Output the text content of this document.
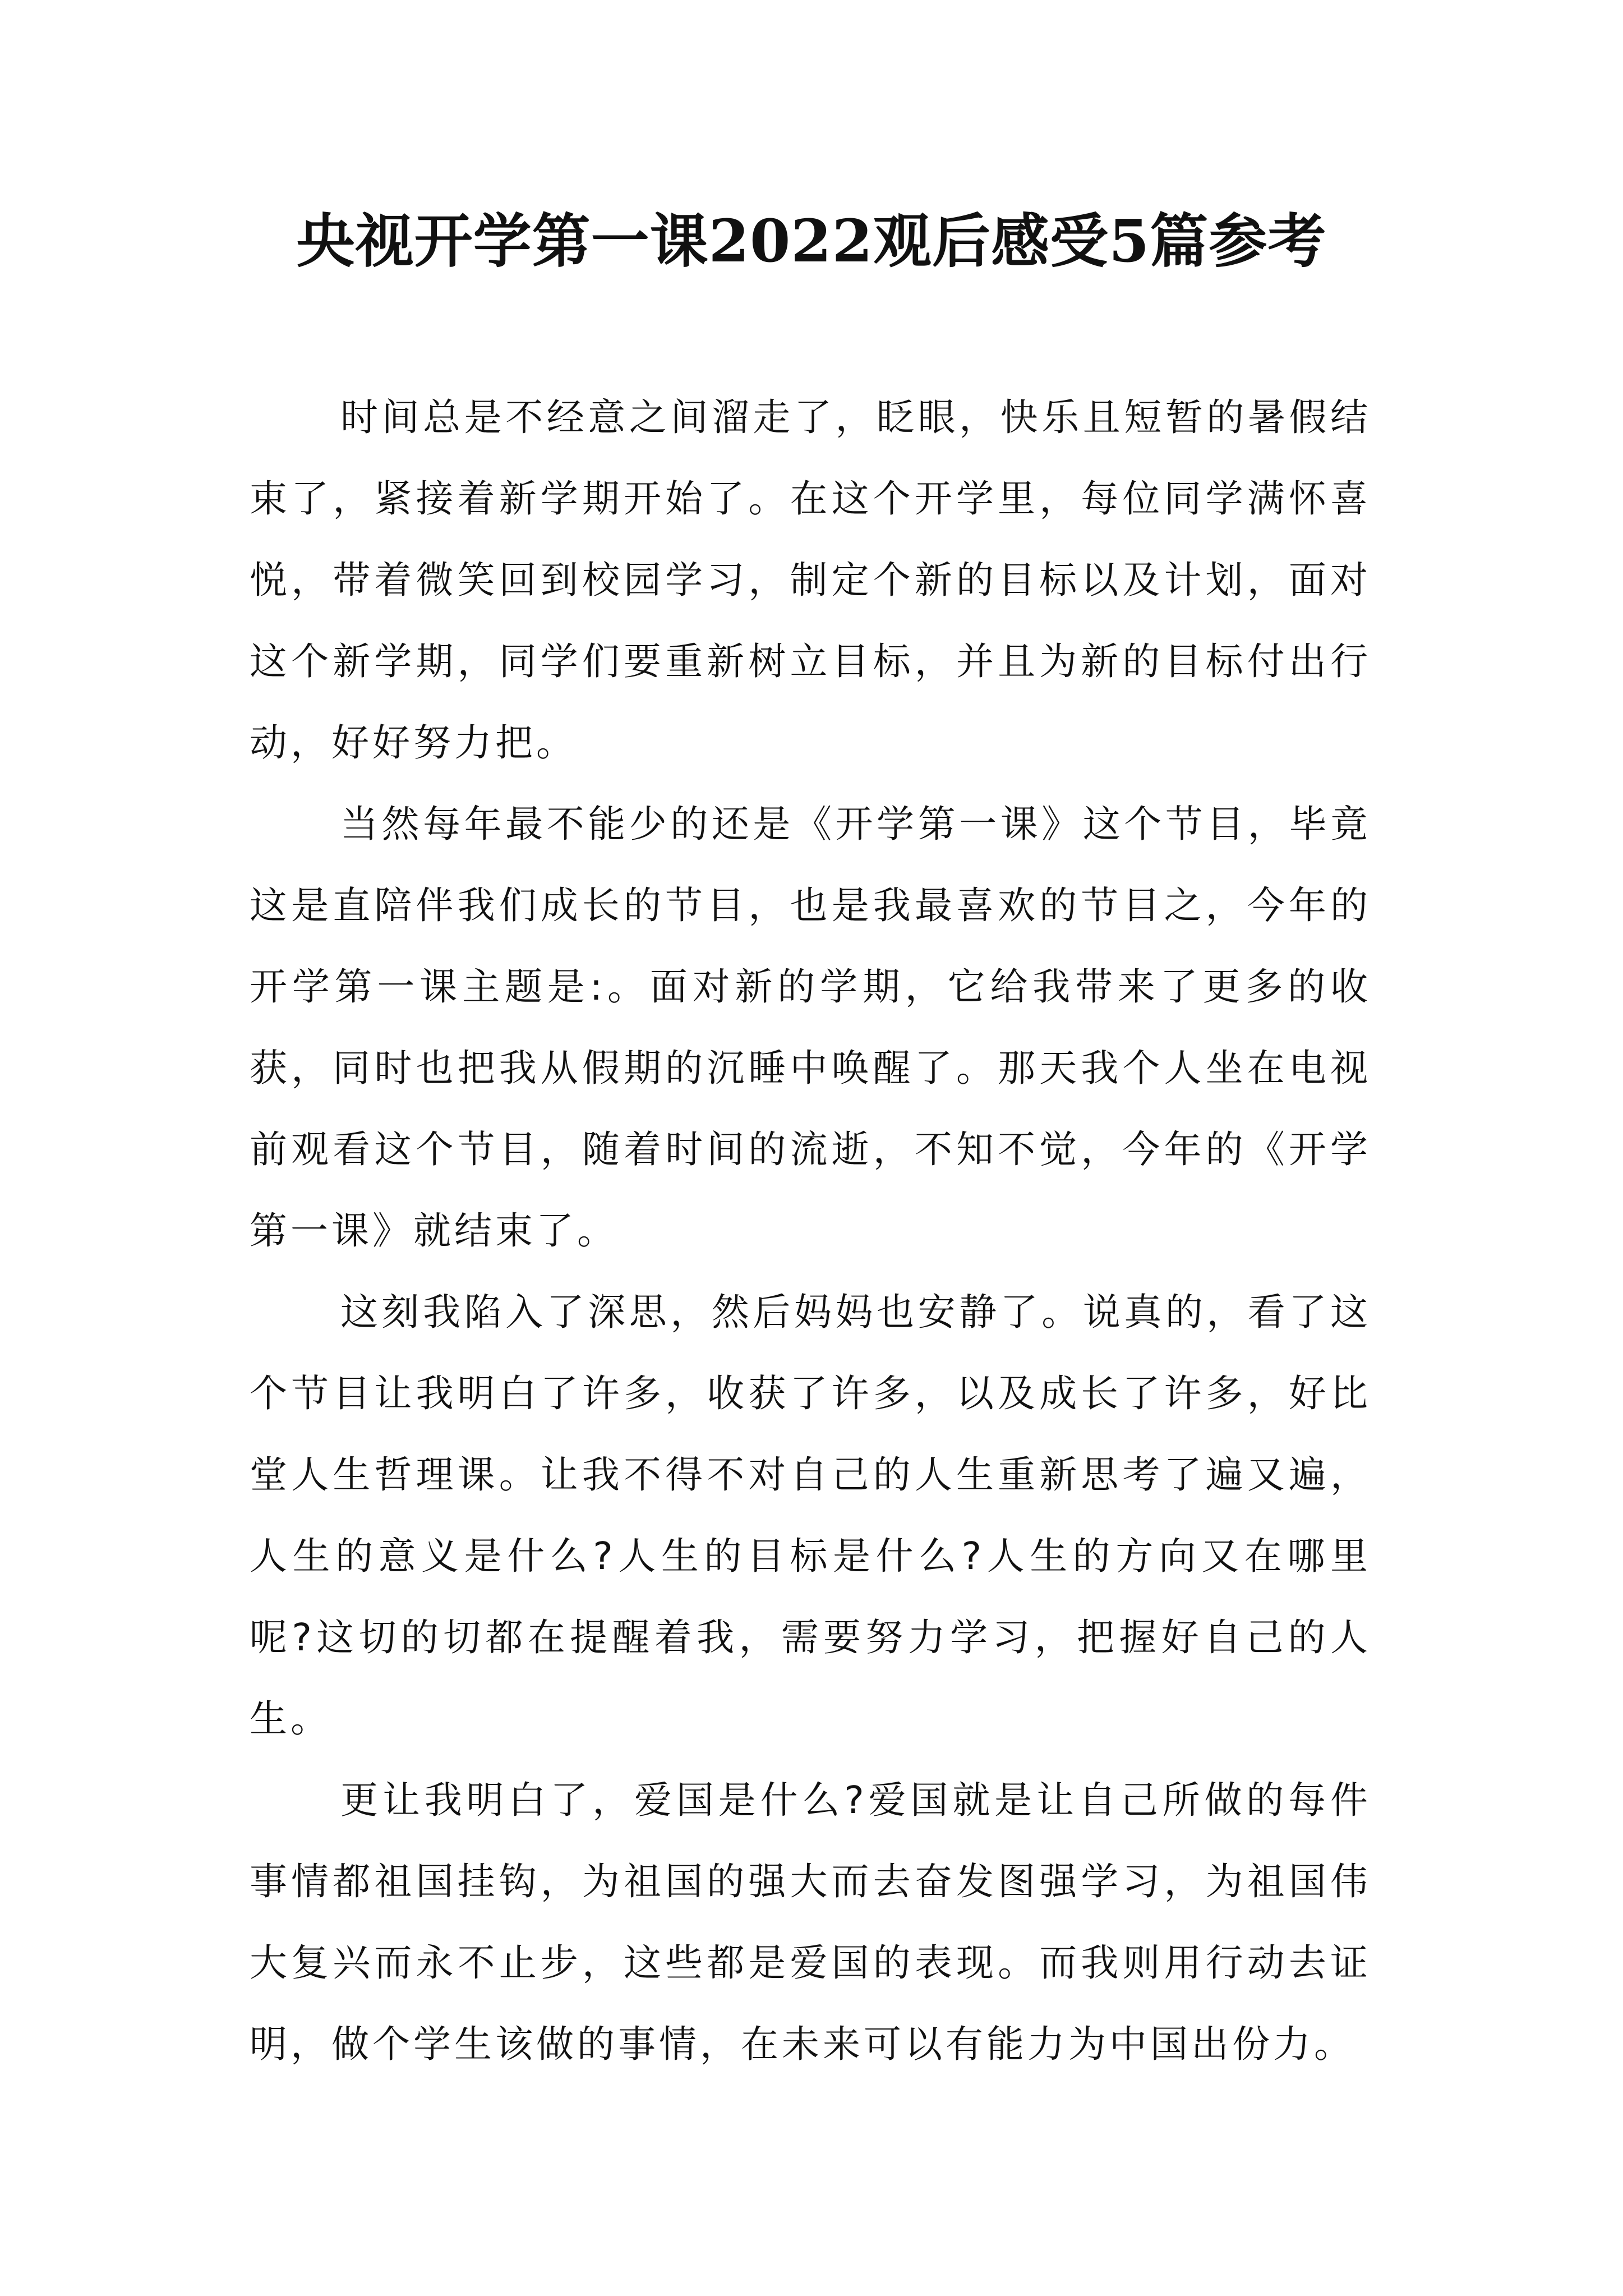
央视开学第一课2022观后感受5篇参考

时间总是不经意之间溜走了，眨眼，快乐且短暂的暑假结束了，紧接着新学期开始了。在这个开学里，每位同学满怀喜悦，带着微笑回到校园学习，制定个新的目标以及计划，面对这个新学期，同学们要重新树立目标，并且为新的目标付出行动，好好努力把。

当然每年最不能少的还是《开学第一课》这个节目，毕竟这是直陪伴我们成长的节目，也是我最喜欢的节目之，今年的开学第一课主题是:。面对新的学期，它给我带来了更多的收获，同时也把我从假期的沉睡中唤醒了。那天我个人坐在电视前观看这个节目，随着时间的流逝，不知不觉，今年的《开学第一课》就结束了。

这刻我陷入了深思，然后妈妈也安静了。说真的，看了这个节目让我明白了许多，收获了许多，以及成长了许多，好比堂人生哲理课。让我不得不对自己的人生重新思考了遍又遍，人生的意义是什么?人生的目标是什么?人生的方向又在哪里呢?这切的切都在提醒着我，需要努力学习，把握好自己的人生。

更让我明白了，爱国是什么?爱国就是让自己所做的每件事情都祖国挂钩，为祖国的强大而去奋发图强学习，为祖国伟大复兴而永不止步，这些都是爱国的表现。而我则用行动去证明，做个学生该做的事情，在未来可以有能力为中国出份力。
